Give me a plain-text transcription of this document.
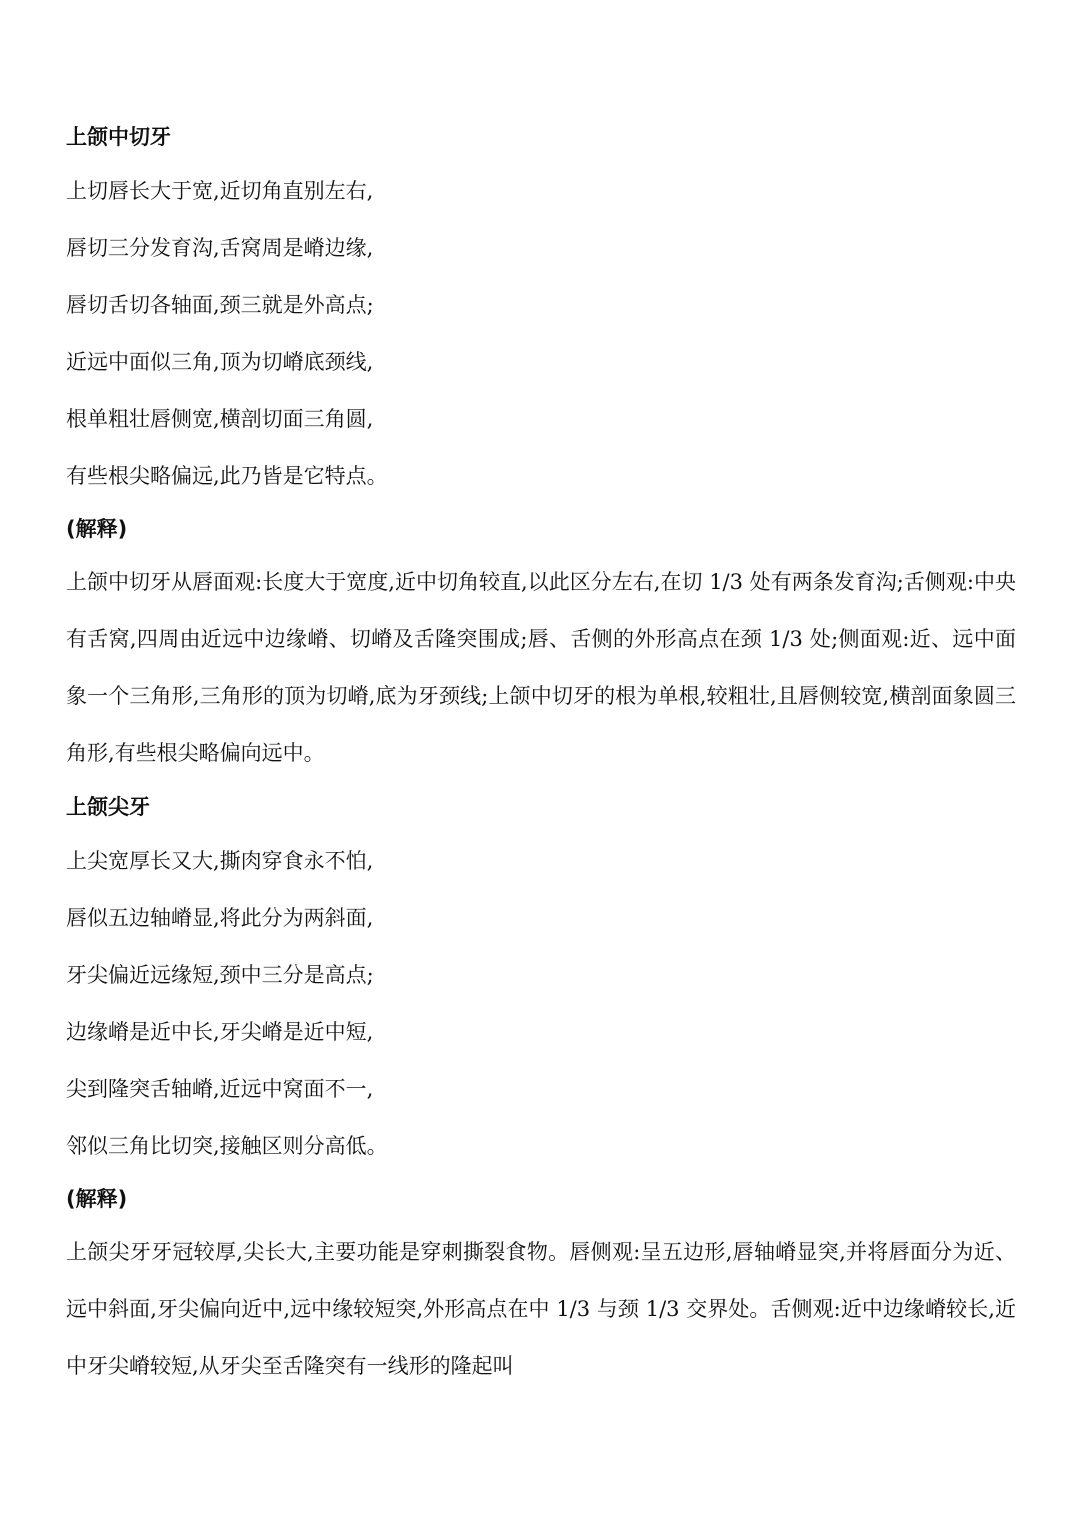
上颌中切牙

上切唇长大于宽,近切角直别左右,

唇切三分发育沟,舌窝周是嵴边缘,

唇切舌切各轴面,颈三就是外高点;

近远中面似三角,顶为切嵴底颈线,

根单粗壮唇侧宽,横剖切面三角圆,

有些根尖略偏远,此乃皆是它特点。

(解释)

上颌中切牙从唇面观:长度大于宽度,近中切角较直,以此区分左右,在切 1/3 处有两条发育沟;舌侧观:中央有舌窝,四周由近远中边缘嵴、切嵴及舌隆突围成;唇、舌侧的外形高点在颈 1/3 处;侧面观:近、远中面象一个三角形,三角形的顶为切嵴,底为牙颈线;上颌中切牙的根为单根,较粗壮,且唇侧较宽,横剖面象圆三角形,有些根尖略偏向远中。

上颌尖牙

上尖宽厚长又大,撕肉穿食永不怕,

唇似五边轴嵴显,将此分为两斜面,

牙尖偏近远缘短,颈中三分是高点;

边缘嵴是近中长,牙尖嵴是近中短,

尖到隆突舌轴嵴,近远中窝面不一,

邻似三角比切突,接触区则分高低。

(解释)

上颌尖牙牙冠较厚,尖长大,主要功能是穿刺撕裂食物。唇侧观:呈五边形,唇轴嵴显突,并将唇面分为近、远中斜面,牙尖偏向近中,远中缘较短突,外形高点在中 1/3 与颈 1/3 交界处。舌侧观:近中边缘嵴较长,近中牙尖嵴较短,从牙尖至舌隆突有一线形的隆起叫
